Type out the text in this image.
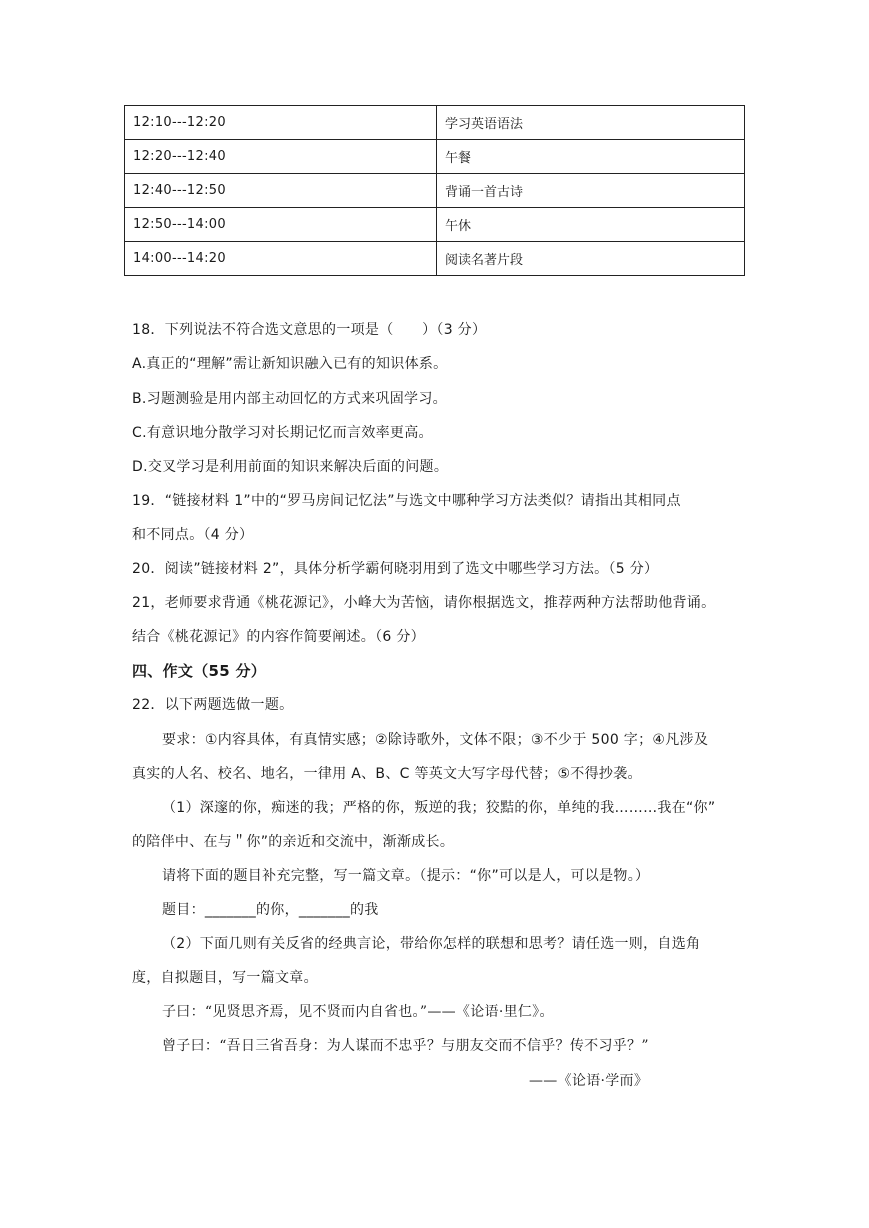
12:10---12:20	学习英语语法
12:20---12:40	午餐
12:40---12:50	背诵一首古诗
12:50---14:00	午休
14:00---14:20	阅读名著片段
18．下列说法不符合选文意思的一项是（　　）（3 分）
A.真正的“理解”需让新知识融入已有的知识体系。
B.习题测验是用内部主动回忆的方式来巩固学习。
C.有意识地分散学习对长期记忆而言效率更高。
D.交叉学习是利用前面的知识来解决后面的问题。
19．“链接材料 1”中的“罗马房间记忆法”与选文中哪种学习方法类似？请指出其相同点
和不同点。（4 分）
20．阅读”链接材料 2”，具体分析学霸何晓羽用到了选文中哪些学习方法。（5 分）
21，老师要求背通《桃花源记》，小峰大为苦恼，请你根据选文，推荐两种方法帮助他背诵。
结合《桃花源记》的内容作简要阐述。（6 分）
四、作文（55 分）
22．以下两题选做一题。
要求：①内容具体，有真情实感；②除诗歌外，文体不限；③不少于 500 字；④凡涉及
真实的人名、校名、地名，一律用 A、B、C 等英文大写字母代替；⑤不得抄袭。
（1）深邃的你，痴迷的我；严格的你，叛逆的我；狡黠的你，单纯的我………我在“你”
的陪伴中、在与＂你”的亲近和交流中，渐渐成长。
请将下面的题目补充完整，写一篇文章。（提示：“你”可以是人，可以是物。）
题目：_______的你，_______的我
（2）下面几则有关反省的经典言论，带给你怎样的联想和思考？请任选一则，自选角
度，自拟题目，写一篇文章。
子曰：“见贤思齐焉，见不贤而内自省也。”——《论语·里仁》。
曾子曰：“吾日三省吾身：为人谋而不忠乎？与朋友交而不信乎？传不习乎？”
——《论语·学而》
